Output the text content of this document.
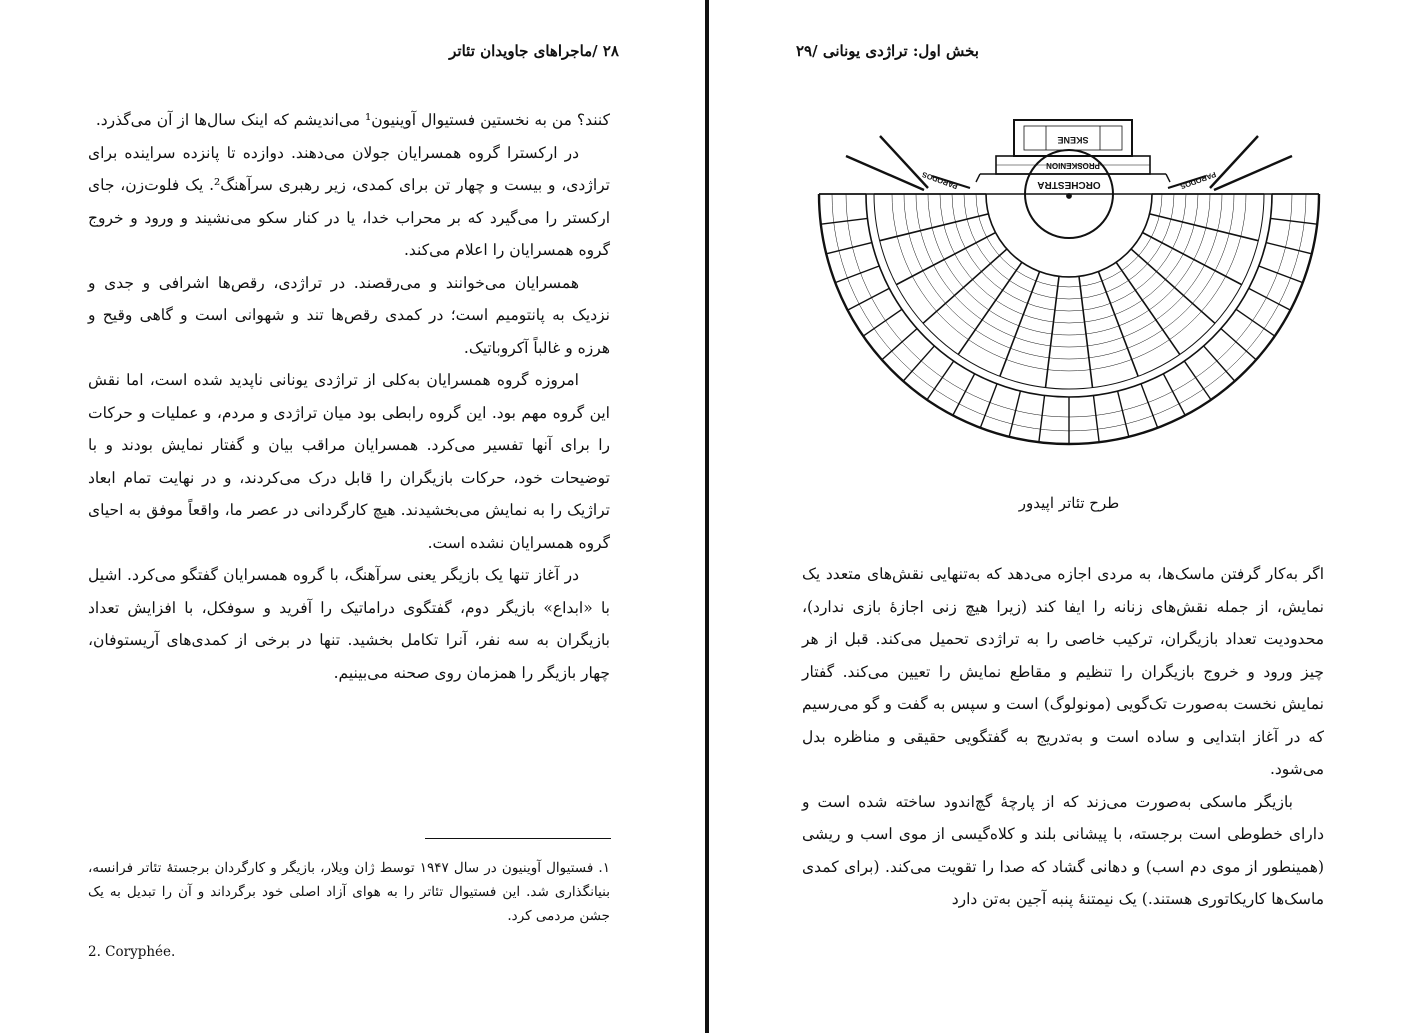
۲۸ /ماجراهای جاویدان تئاتر

کنند؟ من به نخستین فستیوال آوینیون¹ می‌اندیشم که اینک سال‌ها از آن می‌گذرد.

در ارکسترا گروه همسرایان جولان می‌دهند. دوازده تا پانزده سراینده برای تراژدی، و بیست و چهار تن برای کمدی، زیر رهبری سرآهنگ². یک فلوت‌زن، جای ارکستر را می‌گیرد که بر محراب خدا، یا در کنار سکو می‌نشیند و ورود و خروج گروه همسرایان را اعلام می‌کند.

همسرایان می‌خوانند و می‌رقصند. در تراژدی، رقص‌ها اشرافی و جدی و نزدیک به پانتومیم است؛ در کمدی رقص‌ها تند و شهوانی است و گاهی وقیح و هرزه و غالباً آکروباتیک.

امروزه گروه همسرایان به‌کلی از تراژدی یونانی ناپدید شده است، اما نقش این گروه مهم بود. این گروه رابطی بود میان تراژدی و مردم، و عملیات و حرکات را برای آنها تفسیر می‌کرد. همسرایان مراقب بیان و گفتار نمایش بودند و با توضیحات خود، حرکات بازیگران را قابل درک می‌کردند، و در نهایت تمام ابعاد تراژیک را به نمایش می‌بخشیدند. هیچ کارگردانی در عصر ما، واقعاً موفق به احیای گروه همسرایان نشده است.

در آغاز تنها یک بازیگر یعنی سرآهنگ، با گروه همسرایان گفتگو می‌کرد. اشیل با «ابداع» بازیگر دوم، گفتگوی دراماتیک را آفرید و سوفکل، با افزایش تعداد بازیگران به سه نفر، آنرا تکامل بخشید. تنها در برخی از کمدی‌های آریستوفان، چهار بازیگر را همزمان روی صحنه می‌بینیم.

۱. فستیوال آوینیون در سال ۱۹۴۷ توسط ژان ویلار، بازیگر و کارگردان برجستهٔ تئاتر فرانسه، بنیانگذاری شد. این فستیوال تئاتر را به هوای آزاد اصلی خود برگرداند و آن را تبدیل به یک جشن مردمی کرد.

2. Coryphée.
بخش اول: تراژدی یونانی /۲۹
SKENE
PROSKENION
ORCHESTRA
PARODOS	PARODOS
طرح تئاتر اپیدور

اگر به‌کار گرفتن ماسک‌ها، به مردی اجازه می‌دهد که به‌تنهایی نقش‌های متعدد یک نمایش، از جمله نقش‌های زنانه را ایفا کند (زیرا هیچ زنی اجازهٔ بازی ندارد)، محدودیت تعداد بازیگران، ترکیب خاصی را به تراژدی تحمیل می‌کند. قبل از هر چیز ورود و خروج بازیگران را تنظیم و مقاطع نمایش را تعیین می‌کند. گفتار نمایش نخست به‌صورت تک‌گویی (مونولوگ) است و سپس به گفت و گو می‌رسیم که در آغاز ابتدایی و ساده است و به‌تدریج به گفتگویی حقیقی و مناظره بدل می‌شود.

بازیگر ماسکی به‌صورت می‌زند که از پارچهٔ گچ‌اندود ساخته شده است و دارای خطوطی است برجسته، با پیشانی بلند و کلاه‌گیسی از موی اسب و ریشی (همینطور از موی دم اسب) و دهانی گشاد که صدا را تقویت می‌کند. (برای کمدی ماسک‌ها کاریکاتوری هستند.) یک نیمتنهٔ پنبه آجین به‌تن دارد
